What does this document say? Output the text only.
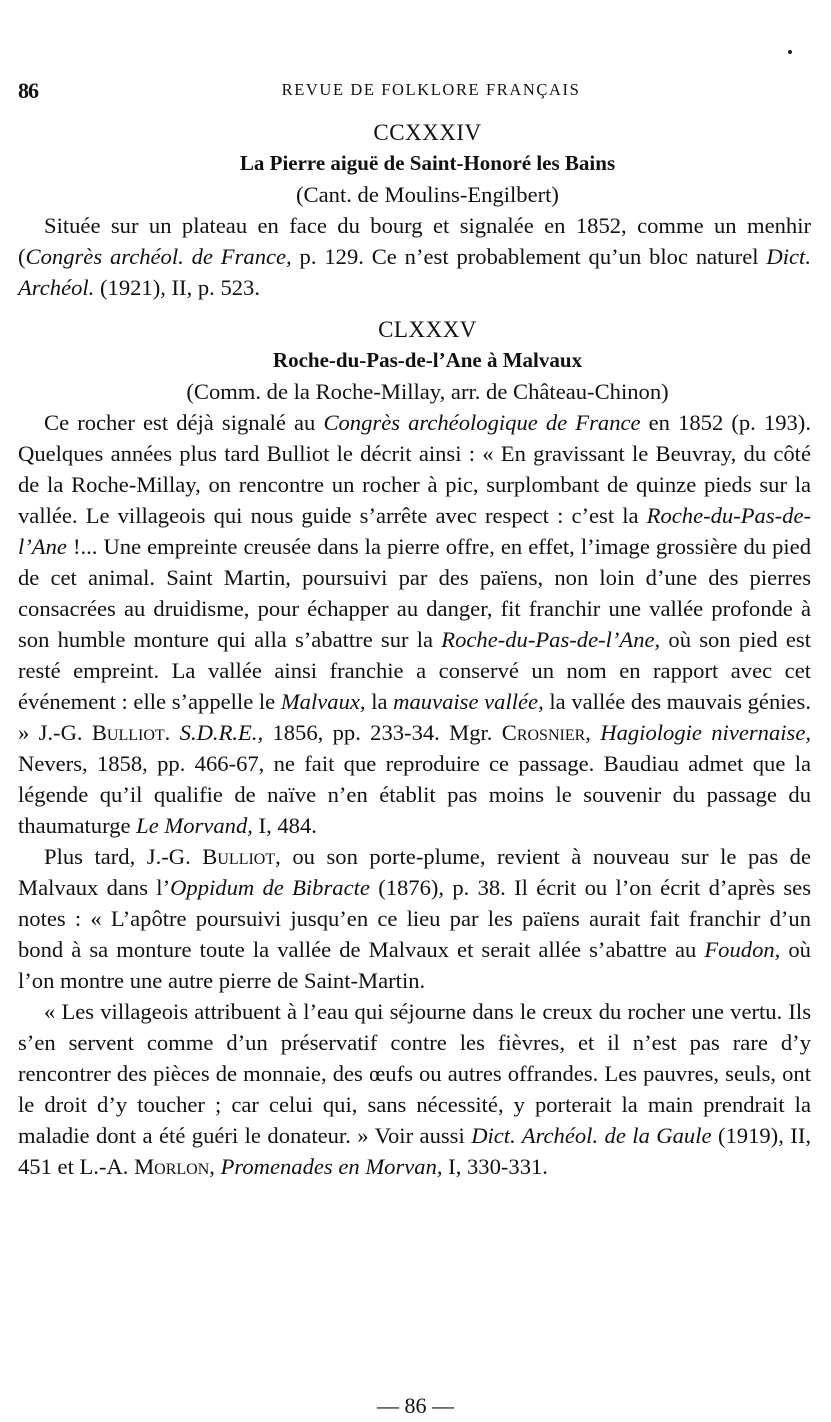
86	REVUE DE FOLKLORE FRANÇAIS

CCXXXIV

La Pierre aiguë de Saint-Honoré les Bains

(Cant. de Moulins-Engilbert)

Située sur un plateau en face du bourg et signalée en 1852, comme un menhir (Congrès archéol. de France, p. 129. Ce n’est probablement qu’un bloc naturel Dict. Archéol. (1921), II, p. 523.

CLXXXV

Roche-du-Pas-de-l’Ane à Malvaux

(Comm. de la Roche-Millay, arr. de Château-Chinon)

Ce rocher est déjà signalé au Congrès archéologique de France en 1852 (p. 193). Quelques années plus tard Bulliot le décrit ainsi : « En gravissant le Beuvray, du côté de la Roche-Millay, on rencontre un rocher à pic, surplombant de quinze pieds sur la vallée. Le villageois qui nous guide s’arrête avec respect : c’est la Roche-du-Pas-de-l’Ane !... Une empreinte creusée dans la pierre offre, en effet, l’image grossière du pied de cet animal. Saint Martin, poursuivi par des païens, non loin d’une des pierres consacrées au druidisme, pour échapper au danger, fit franchir une vallée profonde à son humble monture qui alla s’abattre sur la Roche-du-Pas-de-l’Ane, où son pied est resté empreint. La vallée ainsi franchie a conservé un nom en rapport avec cet événement : elle s’appelle le Malvaux, la mauvaise vallée, la vallée des mauvais génies. » J.-G. Bulliot. S.D.R.E., 1856, pp. 233-34. Mgr. Crosnier, Hagiologie nivernaise, Nevers, 1858, pp. 466-67, ne fait que reproduire ce passage. Baudiau admet que la légende qu’il qualifie de naïve n’en établit pas moins le souvenir du passage du thaumaturge Le Morvand, I, 484.

Plus tard, J.-G. Bulliot, ou son porte-plume, revient à nouveau sur le pas de Malvaux dans l’Oppidum de Bibracte (1876), p. 38. Il écrit ou l’on écrit d’après ses notes : « L’apôtre poursuivi jusqu’en ce lieu par les païens aurait fait franchir d’un bond à sa monture toute la vallée de Malvaux et serait allée s’abattre au Foudon, où l’on montre une autre pierre de Saint-Martin.

« Les villageois attribuent à l’eau qui séjourne dans le creux du rocher une vertu. Ils s’en servent comme d’un préservatif contre les fièvres, et il n’est pas rare d’y rencontrer des pièces de monnaie, des œufs ou autres offrandes. Les pauvres, seuls, ont le droit d’y toucher ; car celui qui, sans nécessité, y porterait la main prendrait la maladie dont a été guéri le donateur. » Voir aussi Dict. Archéol. de la Gaule (1919), II, 451 et L.-A. Morlon, Promenades en Morvan, I, 330-331.

— 86 —
